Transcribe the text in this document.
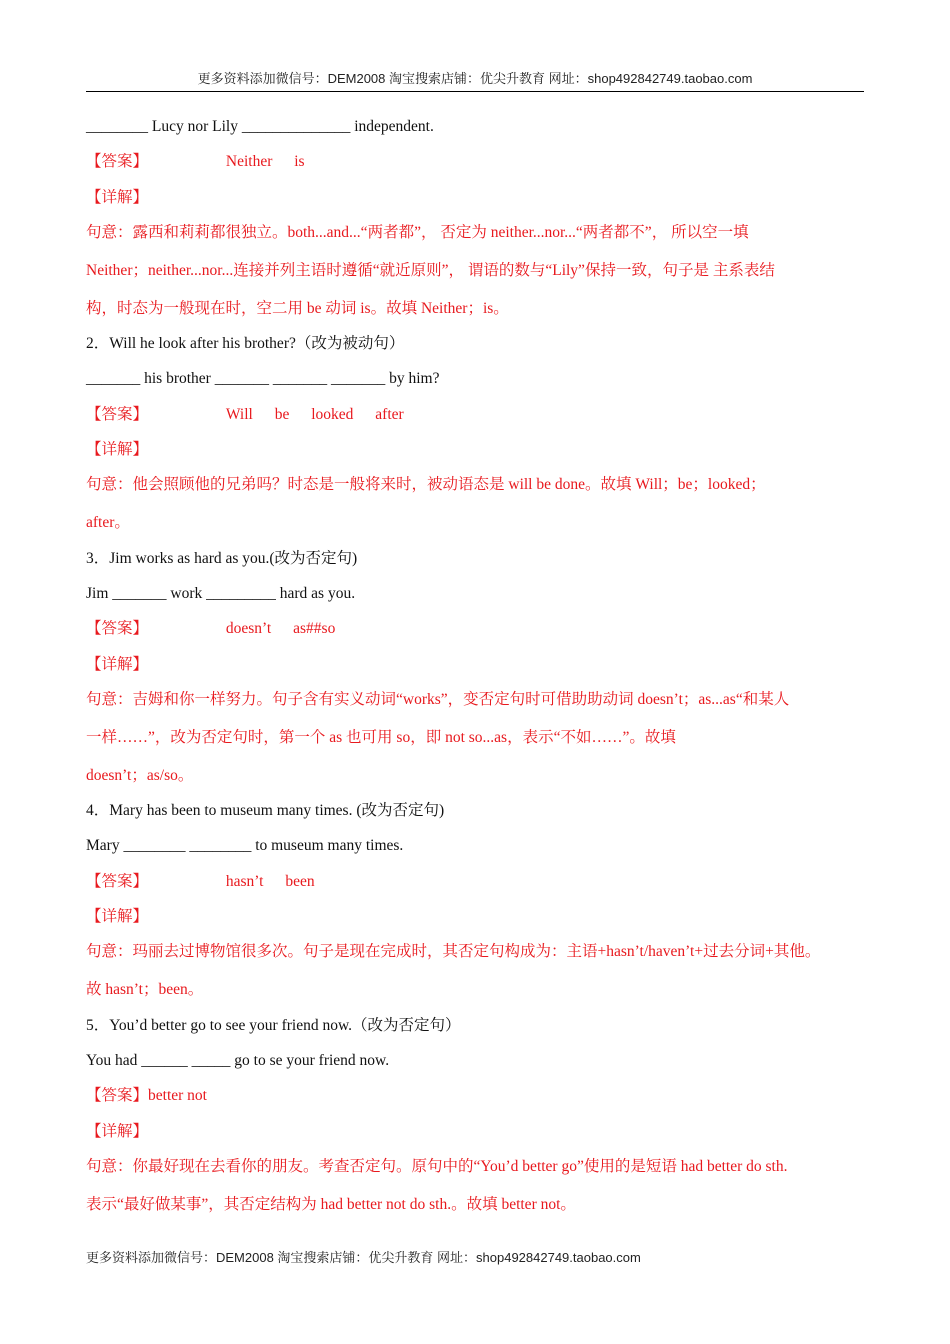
更多资料添加微信号：DEM2008 淘宝搜索店铺：优尖升教育 网址：shop492842749.taobao.com
________ Lucy nor Lily ______________ independent.
【答案】	Neither is
【详解】
句意：露西和莉莉都很独立。both...and...“两者都”， 否定为 neither...nor...“两者都不”， 所以空一填
Neither；neither...nor...连接并列主语时遵循“就近原则”， 谓语的数与“Lily”保持一致，句子是 主系表结
构，时态为一般现在时，空二用 be 动词 is。故填 Neither；is。
2．Will he look after his brother?（改为被动句）
_______ his brother _______ _______ _______ by him?
【答案】	Will be looked after
【详解】
句意：他会照顾他的兄弟吗？时态是一般将来时，被动语态是 will be done。故填 Will；be；looked；
after。
3．Jim works as hard as you.(改为否定句)
Jim _______ work _________ hard as you.
【答案】	doesn’t as##so
【详解】
句意：吉姆和你一样努力。句子含有实义动词“works”，变否定句时可借助助动词 doesn’t；as...as“和某人
一样……”，改为否定句时，第一个 as 也可用 so，即 not so...as，表示“不如……”。故填
doesn’t；as/so。
4．Mary has been to museum many times. (改为否定句)
Mary ________ ________ to museum many times.
【答案】	hasn’t been
【详解】
句意：玛丽去过博物馆很多次。句子是现在完成时，其否定句构成为：主语+hasn’t/haven’t+过去分词+其他。
故 hasn’t；been。
5．You’d better go to see your friend now.（改为否定句）
You had ______ _____ go to se your friend now.
【答案】better not
【详解】
句意：你最好现在去看你的朋友。考查否定句。原句中的“You’d better go”使用的是短语 had better do sth.
表示“最好做某事”，其否定结构为 had better not do sth.。故填 better not。
更多资料添加微信号：DEM2008 淘宝搜索店铺：优尖升教育 网址：shop492842749.taobao.com
